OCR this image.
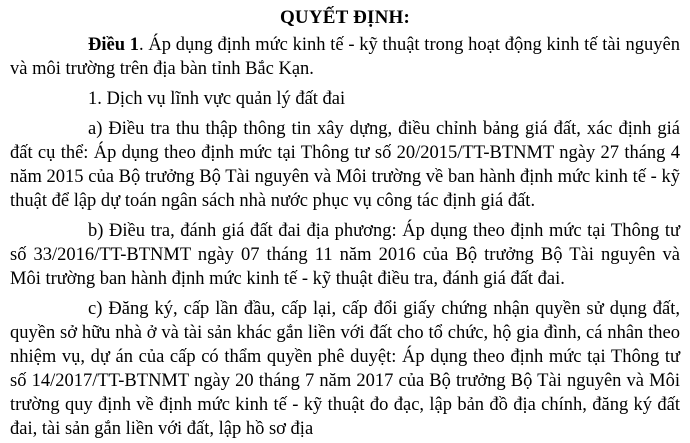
QUYẾT ĐỊNH:

Điều 1. Áp dụng định mức kinh tế - kỹ thuật trong hoạt động kinh tế tài nguyên và môi trường trên địa bàn tỉnh Bắc Kạn.

1. Dịch vụ lĩnh vực quản lý đất đai

a) Điều tra thu thập thông tin xây dựng, điều chỉnh bảng giá đất, xác định giá đất cụ thể: Áp dụng theo định mức tại Thông tư số 20/2015/TT-BTNMT ngày 27 tháng 4 năm 2015 của Bộ trưởng Bộ Tài nguyên và Môi trường về ban hành định mức kinh tế - kỹ thuật để lập dự toán ngân sách nhà nước phục vụ công tác định giá đất.

b) Điều tra, đánh giá đất đai địa phương: Áp dụng theo định mức tại Thông tư số 33/2016/TT-BTNMT ngày 07 tháng 11 năm 2016 của Bộ trưởng Bộ Tài nguyên và Môi trường ban hành định mức kinh tế - kỹ thuật điều tra, đánh giá đất đai.

c) Đăng ký, cấp lần đầu, cấp lại, cấp đổi giấy chứng nhận quyền sử dụng đất, quyền sở hữu nhà ở và tài sản khác gắn liền với đất cho tổ chức, hộ gia đình, cá nhân theo nhiệm vụ, dự án của cấp có thẩm quyền phê duyệt: Áp dụng theo định mức tại Thông tư số 14/2017/TT-BTNMT ngày 20 tháng 7 năm 2017 của Bộ trưởng Bộ Tài nguyên và Môi trường quy định về định mức kinh tế - kỹ thuật đo đạc, lập bản đồ địa chính, đăng ký đất đai, tài sản gắn liền với đất, lập hồ sơ địa
